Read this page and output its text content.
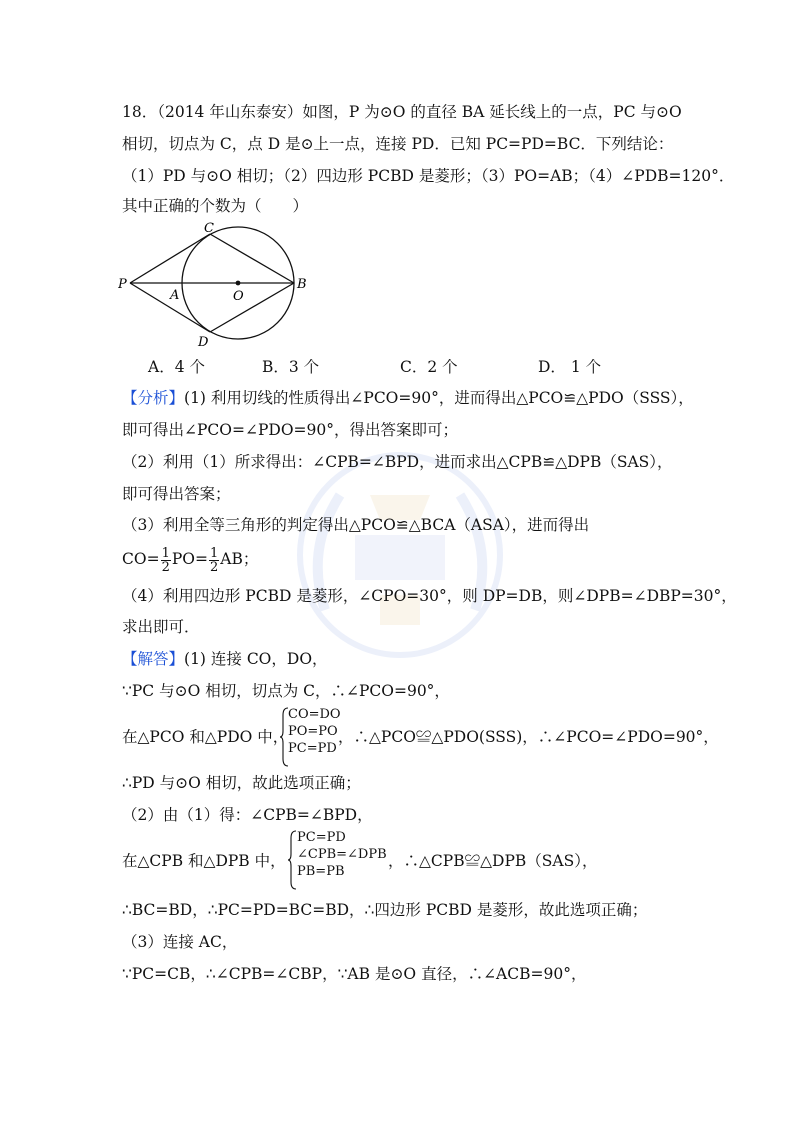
18．（2014 年山东泰安）如图，P 为⊙O 的直径 BA 延长线上的一点，PC 与⊙O
相切，切点为 C，点 D 是⊙上一点，连接 PD．已知 PC=PD=BC．下列结论：
（1）PD 与⊙O 相切；（2）四边形 PCBD 是菱形；（3）PO=AB；（4）∠PDB=120°．
其中正确的个数为（　　）
C
P
A	O
B
D
A．4 个	B．3 个	C．2 个	D． 1 个
【分析】(1) 利用切线的性质得出∠PCO=90°，进而得出△PCO≌△PDO（SSS），
即可得出∠PCO=∠PDO=90°，得出答案即可；
（2）利用（1）所求得出：∠CPB=∠BPD，进而求出△CPB≌△DPB（SAS），
即可得出答案；
（3）利用全等三角形的判定得出△PCO≌△BCA（ASA），进而得出
$CO= \frac{1}{2} PO= \frac{1}{2}$ AB；
（4）利用四边形 PCBD 是菱形，∠CPO=30°，则 DP=DB，则∠DPB=∠DBP=30°，
求出即可．
【解答】(1) 连接 CO，DO，
∵PC 与⊙O 相切，切点为 C，∴∠PCO=90°，
在△PCO 和△PDO 中，
CO=DO
PO=PO
PC=PD
，∴△PCO≌△PDO(SSS)，∴∠PCO=∠PDO=90°，
∴PD 与⊙O 相切，故此选项正确；
（2）由（1）得：∠CPB=∠BPD，
在△CPB 和△DPB 中，
PC=PD
∠CPB=∠DPB
PB=PB
，∴△CPB≌△DPB（SAS），
∴BC=BD，∴PC=PD=BC=BD，∴四边形 PCBD 是菱形，故此选项正确；
（3）连接 AC，
∵PC=CB，∴∠CPB=∠CBP，∵AB 是⊙O 直径，∴∠ACB=90°，
